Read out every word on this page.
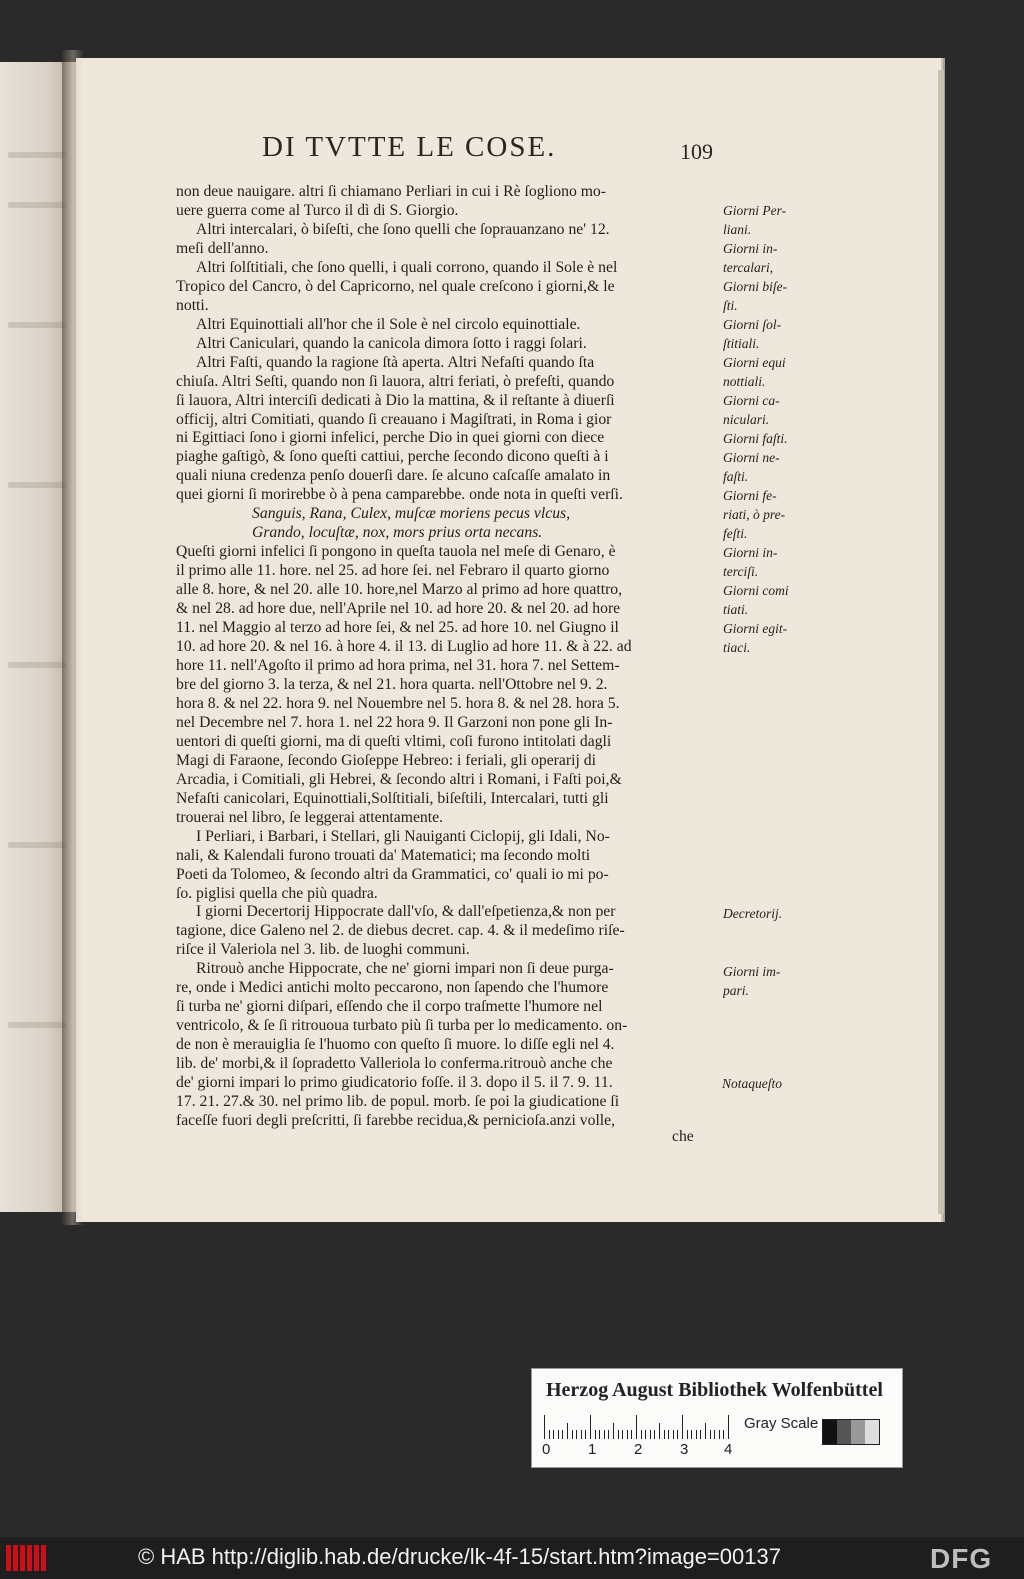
DI TVTTE LE COSE.	109
non deue nauigare. altri ſi chiamano Perliari in cui i Rè ſogliono mo-
uere guerra come al Turco il dì di S. Giorgio.
Altri intercalari, ò biſeſti, che ſono quelli che ſoprauanzano ne' 12.
meſi dell'anno.
Altri ſolſtitiali, che ſono quelli, i quali corrono, quando il Sole è nel
Tropico del Cancro, ò del Capricorno, nel quale creſcono i giorni,& le
notti.
Altri Equinottiali all'hor che il Sole è nel circolo equinottiale.
Altri Caniculari, quando la canicola dimora ſotto i raggi ſolari.
Altri Faſti, quando la ragione ſtà aperta. Altri Nefaſti quando ſta
chiuſa. Altri Seſti, quando non ſi lauora, altri feriati, ò prefeſti, quando
ſi lauora, Altri interciſi dedicati à Dio la mattina, & il reſtante à diuerſi
officij, altri Comitiati, quando ſi creauano i Magiſtrati, in Roma i gior
ni Egittiaci ſono i giorni infelici, perche Dio in quei giorni con diece
piaghe gaſtigò, & ſono queſti cattiui, perche ſecondo dicono queſti à i
quali niuna credenza penſo douerſi dare. ſe alcuno caſcaſſe amalato in
quei giorni ſi morirebbe ò à pena camparebbe. onde nota in queſti verſi.
Sanguis, Rana, Culex, muſcæ moriens pecus vlcus,
Grando, locuſtæ, nox, mors prius orta necans.
Queſti giorni infelici ſi pongono in queſta tauola nel meſe di Genaro, è
il primo alle 11. hore. nel 25. ad hore ſei. nel Febraro il quarto giorno
alle 8. hore, & nel 20. alle 10. hore,nel Marzo al primo ad hore quattro,
& nel 28. ad hore due, nell'Aprile nel 10. ad hore 20. & nel 20. ad hore
11. nel Maggio al terzo ad hore ſei, & nel 25. ad hore 10. nel Giugno il
10. ad hore 20. & nel 16. à hore 4. il 13. di Luglio ad hore 11. & à 22. ad
hore 11. nell'Agoſto il primo ad hora prima, nel 31. hora 7. nel Settem-
bre del giorno 3. la terza, & nel 21. hora quarta. nell'Ottobre nel 9. 2.
hora 8. & nel 22. hora 9. nel Nouembre nel 5. hora 8. & nel 28. hora 5.
nel Decembre nel 7. hora 1. nel 22 hora 9. Il Garzoni non pone gli In-
uentori di queſti giorni, ma di queſti vltimi, coſi furono intitolati dagli
Magi di Faraone, ſecondo Gioſeppe Hebreo: i feriali, gli operarij di
Arcadia, i Comitiali, gli Hebrei, & ſecondo altri i Romani, i Faſti poi,&
Nefaſti canicolari, Equinottiali,Solſtitiali, biſeſtili, Intercalari, tutti gli
trouerai nel libro, ſe leggerai attentamente.
I Perliari, i Barbari, i Stellari, gli Nauiganti Ciclopij, gli Idali, No-
nali, & Kalendali furono trouati da' Matematici; ma ſecondo molti
Poeti da Tolomeo, & ſecondo altri da Grammatici, co' quali io mi po-
ſo. piglisi quella che più quadra.
I giorni Decertorij Hippocrate dall'vſo, & dall'eſpetienza,& non per
tagione, dice Galeno nel 2. de diebus decret. cap. 4. & il medeſimo riſe-
riſce il Valeriola nel 3. lib. de luoghi communi.
Ritrouò anche Hippocrate, che ne' giorni impari non ſi deue purga-
re, onde i Medici antichi molto peccarono, non ſapendo che l'humore
ſi turba ne' giorni diſpari, eſſendo che il corpo traſmette l'humore nel
ventricolo, & ſe ſi ritrououa turbato più ſi turba per lo medicamento. on-
de non è merauiglia ſe l'huomo con queſto ſi muore. lo diſſe egli nel 4.
lib. de' morbi,& il ſopradetto Valleriola lo conferma.ritrouò anche che
de' giorni impari lo primo giudicatorio foſſe. il 3. dopo il 5. il 7. 9. 11.
17. 21. 27.& 30. nel primo lib. de popul. morb. ſe poi la giudicatione ſi
faceſſe fuori degli preſcritti, ſi farebbe recidua,& pernicioſa.anzi volle,
Giorni Per-
liani.
Giorni in-
tercalari,
Giorni biſe-
ſti.
Giorni ſol-
ſtitiali.
Giorni equi
nottiali.
Giorni ca-
niculari.
Giorni faſti.
Giorni ne-
faſti.
Giorni fe-
riati, ò pre-
feſti.
Giorni in-
terciſi.
Giorni comi
tiati.
Giorni egit-
tiaci.
Decretorij.
Giorni im-
pari.
Notaqueſto
che
Herzog August Bibliothek Wolfenbüttel
Gray Scale
0	1	2	3	4
© HAB http://diglib.hab.de/drucke/lk-4f-15/start.htm?image=00137	DFG
